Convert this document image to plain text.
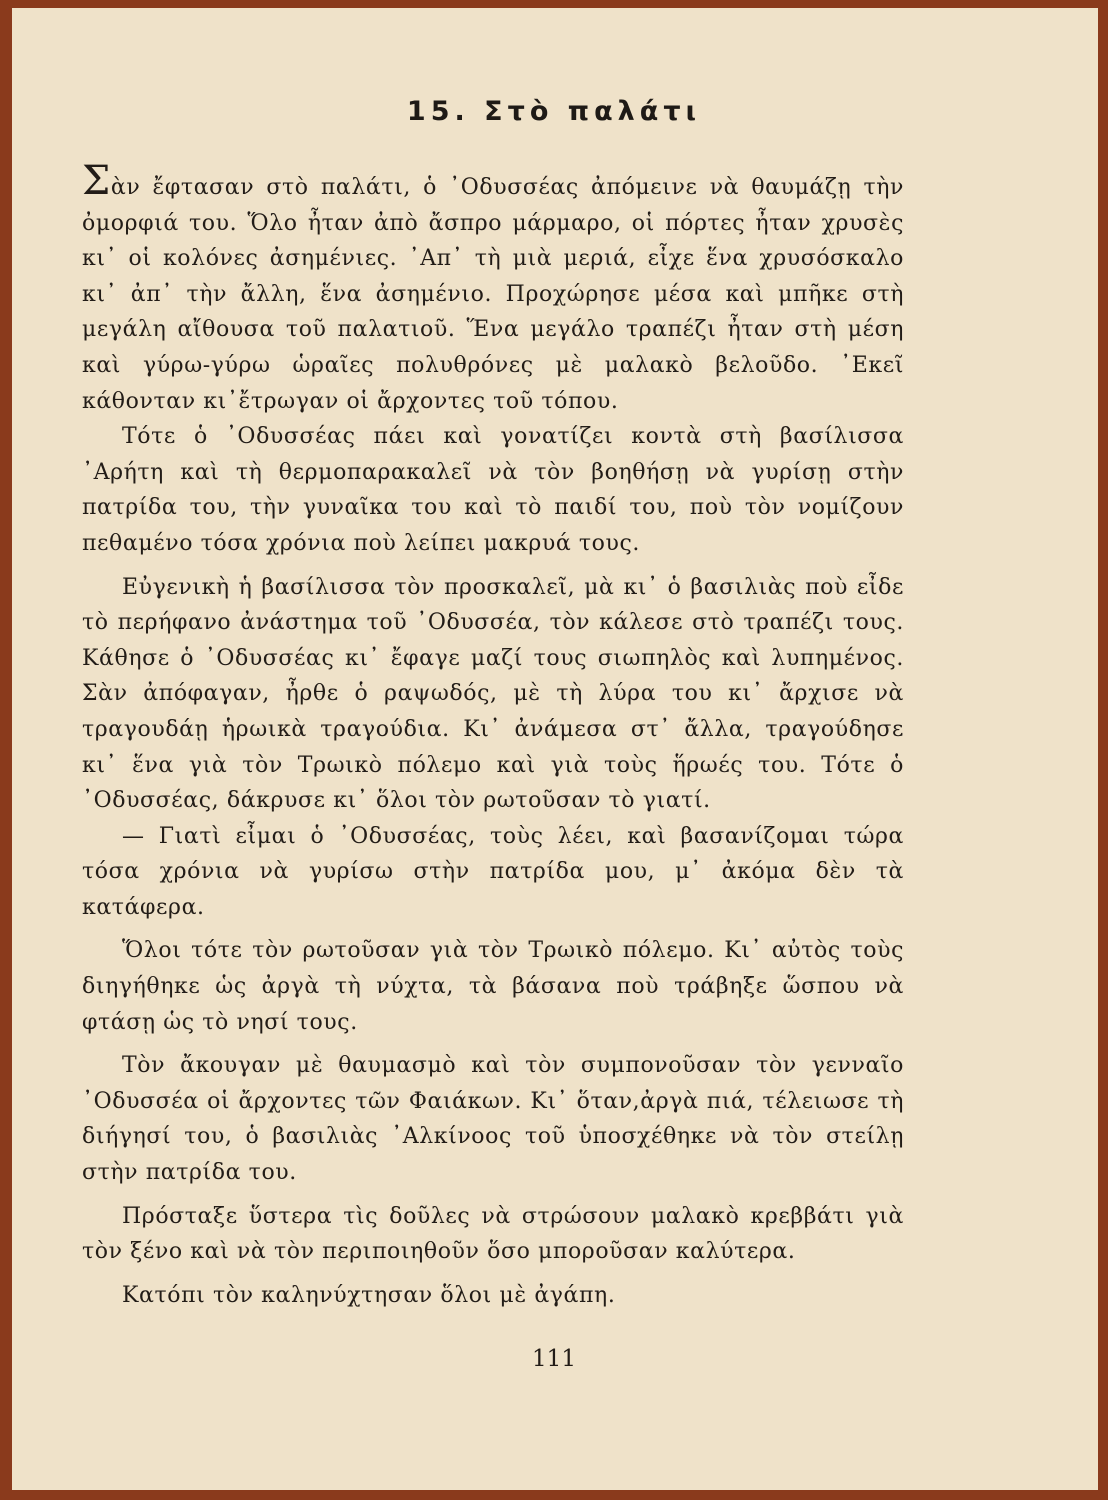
15. Στὸ παλάτι

Σὰν ἔφτασαν στὸ παλάτι, ὁ ᾿Οδυσσέας ἀπόμεινε νὰ θαυμάζῃ τὴν ὀμορφιά του. Ὅλο ἦταν ἀπὸ ἄσπρο μάρμαρο, οἱ πόρτες ἦταν χρυσὲς κι᾿ οἱ κολόνες ἀσημένιες. ᾿Απ᾿ τὴ μιὰ μεριά, εἶχε ἕνα χρυσόσκαλο κι᾿ ἀπ᾿ τὴν ἄλλη, ἕνα ἀσημένιο. Προχώρησε μέσα καὶ μπῆκε στὴ μεγάλη αἴθουσα τοῦ παλατιοῦ. Ἕνα μεγάλο τραπέζι ἦταν στὴ μέση καὶ γύρω-γύρω ὡραῖες πολυθρόνες μὲ μαλακὸ βελοῦδο. ᾿Εκεῖ κάθονταν κι᾿ἔτρωγαν οἱ ἄρχοντες τοῦ τόπου.

Τότε ὁ ᾿Οδυσσέας πάει καὶ γονατίζει κοντὰ στὴ βασίλισσα ᾿Αρήτη καὶ τὴ θερμοπαρακαλεῖ νὰ τὸν βοηθήσῃ νὰ γυρίσῃ στὴν πατρίδα του, τὴν γυναῖκα του καὶ τὸ παιδί του, ποὺ τὸν νομίζουν πεθαμένο τόσα χρόνια ποὺ λείπει μακρυά τους.

Εὐγενικὴ ἡ βασίλισσα τὸν προσκαλεῖ, μὰ κι᾿ ὁ βασιλιὰς ποὺ εἶδε τὸ περήφανο ἀνάστημα τοῦ ᾿Οδυσσέα, τὸν κάλεσε στὸ τραπέζι τους. Κάθησε ὁ ᾿Οδυσσέας κι᾿ ἔφαγε μαζί τους σιωπηλὸς καὶ λυπημένος. Σὰν ἀπόφαγαν, ἦρθε ὁ ραψωδός, μὲ τὴ λύρα του κι᾿ ἄρχισε νὰ τραγουδάῃ ἡρωικὰ τραγούδια. Κι᾿ ἀνάμεσα στ᾿ ἄλλα, τραγούδησε κι᾿ ἕνα γιὰ τὸν Τρωικὸ πόλεμο καὶ γιὰ τοὺς ἥρωές του. Τότε ὁ ᾿Οδυσσέας, δάκρυσε κι᾿ ὅλοι τὸν ρωτοῦσαν τὸ γιατί.

— Γιατὶ εἶμαι ὁ ᾿Οδυσσέας, τοὺς λέει, καὶ βασανίζομαι τώρα τόσα χρόνια νὰ γυρίσω στὴν πατρίδα μου, μ᾿ ἀκόμα δὲν τὰ κατάφερα.

Ὅλοι τότε τὸν ρωτοῦσαν γιὰ τὸν Τρωικὸ πόλεμο. Κι᾿ αὐτὸς τοὺς διηγήθηκε ὡς ἀργὰ τὴ νύχτα, τὰ βάσανα ποὺ τράβηξε ὥσπου νὰ φτάσῃ ὡς τὸ νησί τους.

Τὸν ἄκουγαν μὲ θαυμασμὸ καὶ τὸν συμπονοῦσαν τὸν γενναῖο ᾿Οδυσσέα οἱ ἄρχοντες τῶν Φαιάκων. Κι᾿ ὅταν,ἀργὰ πιά, τέλειωσε τὴ διήγησί του, ὁ βασιλιὰς ᾿Αλκίνοος τοῦ ὑποσχέθηκε νὰ τὸν στείλῃ στὴν πατρίδα του.

Πρόσταξε ὕστερα τὶς δοῦλες νὰ στρώσουν μαλακὸ κρεββάτι γιὰ τὸν ξένο καὶ νὰ τὸν περιποιηθοῦν ὅσο μποροῦσαν καλύτερα.

Κατόπι τὸν καληνύχτησαν ὅλοι μὲ ἀγάπη.

111
